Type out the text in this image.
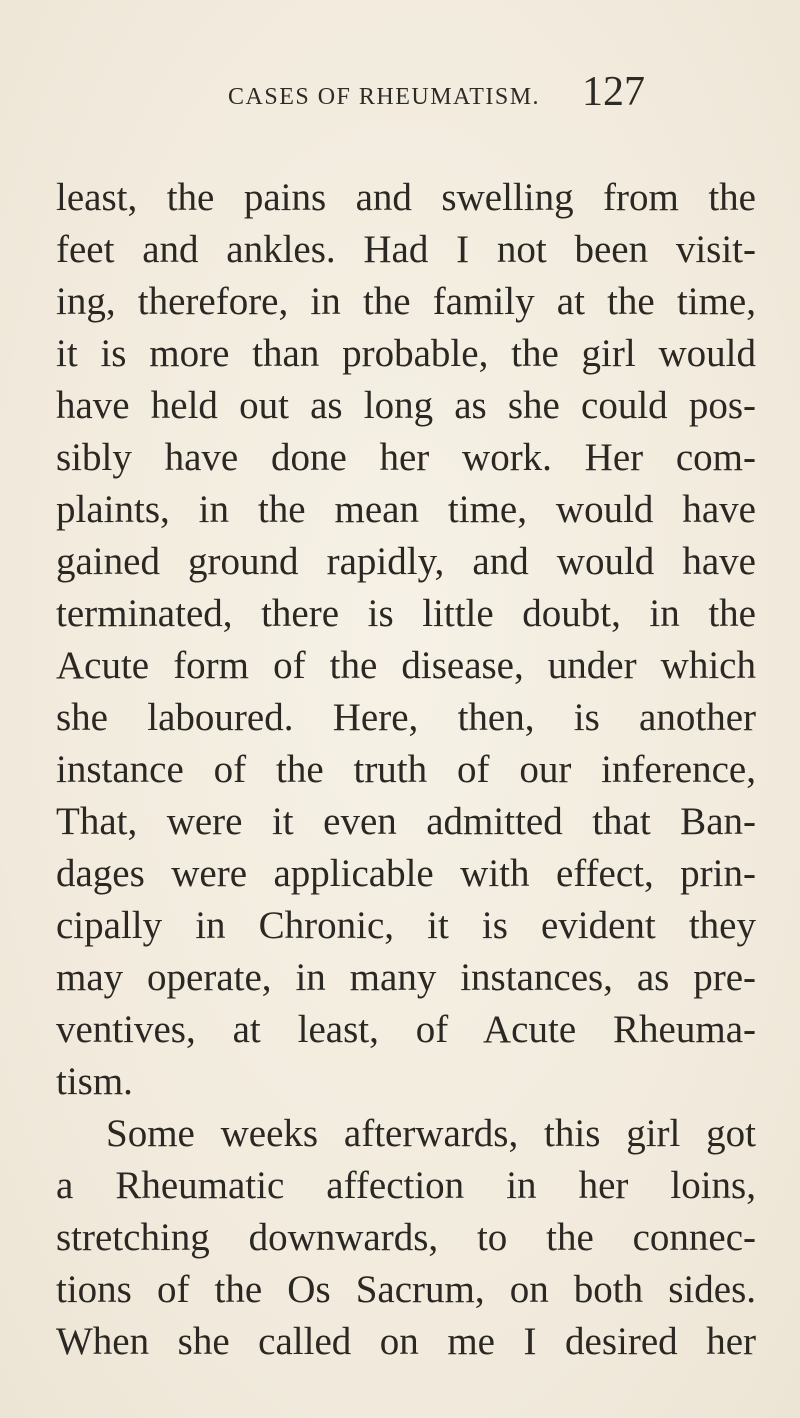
CASES OF RHEUMATISM. 127
least, the pains and swelling from the
feet and ankles. Had I not been visit-
ing, therefore, in the family at the time,
it is more than probable, the girl would
have held out as long as she could pos-
sibly have done her work. Her com-
plaints, in the mean time, would have
gained ground rapidly, and would have
terminated, there is little doubt, in the
Acute form of the disease, under which
she laboured. Here, then, is another
instance of the truth of our inference,
That, were it even admitted that Ban-
dages were applicable with effect, prin-
cipally in Chronic, it is evident they
may operate, in many instances, as pre-
ventives, at least, of Acute Rheuma-
tism.
Some weeks afterwards, this girl got
a Rheumatic affection in her loins,
stretching downwards, to the connec-
tions of the Os Sacrum, on both sides.
When she called on me I desired her
